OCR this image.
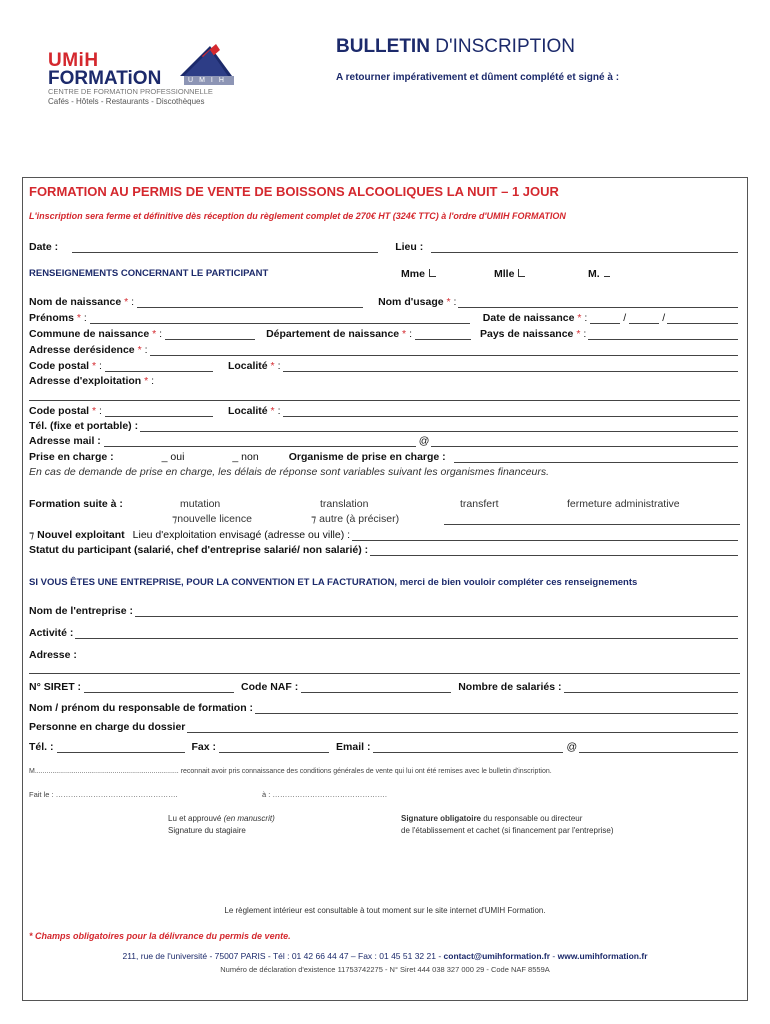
UMiH
FORMATiON	UMIH
CENTRE DE FORMATION PROFESSIONNELLE
Cafés - Hôtels - Restaurants - Discothèques
BULLETIN D'INSCRIPTION
A retourner impérativement et dûment complété et signé à :
FORMATION AU PERMIS DE VENTE DE BOISSONS ALCOOLIQUES LA NUIT – 1 JOUR
L'inscription sera ferme et définitive dès réception du règlement complet de 270€ HT (324€ TTC) à l'ordre d'UMIH FORMATION
Date :	Lieu :
RENSEIGNEMENTS CONCERNANT LE PARTICIPANT	Mme	Mlle	M.
Nom de naissance * :	Nom d'usage * :
Prénoms * :	Date de naissance * :	/	/
Commune de naissance * :	Département de naissance * :	Pays de naissance * :
Adresse derésidence * :
Code postal * :	Localité * :
Adresse d'exploitation * :
Code postal * :	Localité * :
Tél. (fixe et portable) :
Adresse mail :	@
Prise en charge :	_ oui	_ non	Organisme de prise en charge :
En cas de demande de prise en charge, les délais de réponse sont variables suivant les organismes financeurs.
Formation suite à :	mutation	translation	transfert	fermeture administrative
⁊nouvelle licence	⁊ autre (à préciser)
⁊ Nouvel exploitant Lieu d'exploitation envisagé (adresse ou ville) :
Statut du participant (salarié, chef d'entreprise salarié/ non salarié) :
SI VOUS ÊTES UNE ENTREPRISE, POUR LA CONVENTION ET LA FACTURATION, merci de bien vouloir compléter ces renseignements
Nom de l'entreprise :
Activité :
Adresse :
N° SIRET :	Code NAF :	Nombre de salariés :
Nom / prénom du responsable de formation :
Personne en charge du dossier
Tél. :	Fax :	Email :	@
M.......................................................................... reconnait avoir pris connaissance des conditions générales de vente qui lui ont été remises avec le bulletin d'inscription.
Fait le : ………………………………………….	à : ……………………………………….
Lu et approuvé (en manuscrit)
Signature du stagiaire
Signature obligatoire du responsable ou directeur
de l'établissement et cachet (si financement par l'entreprise)
Le règlement intérieur est consultable à tout moment sur le site internet d'UMIH Formation.
* Champs obligatoires pour la délivrance du permis de vente.
211, rue de l'université - 75007 PARIS - Tél : 01 42 66 44 47 – Fax : 01 45 51 32 21 - contact@umihformation.fr - www.umihformation.fr
Numéro de déclaration d'existence 11753742275 - N° Siret 444 038 327 000 29 - Code NAF 8559A
